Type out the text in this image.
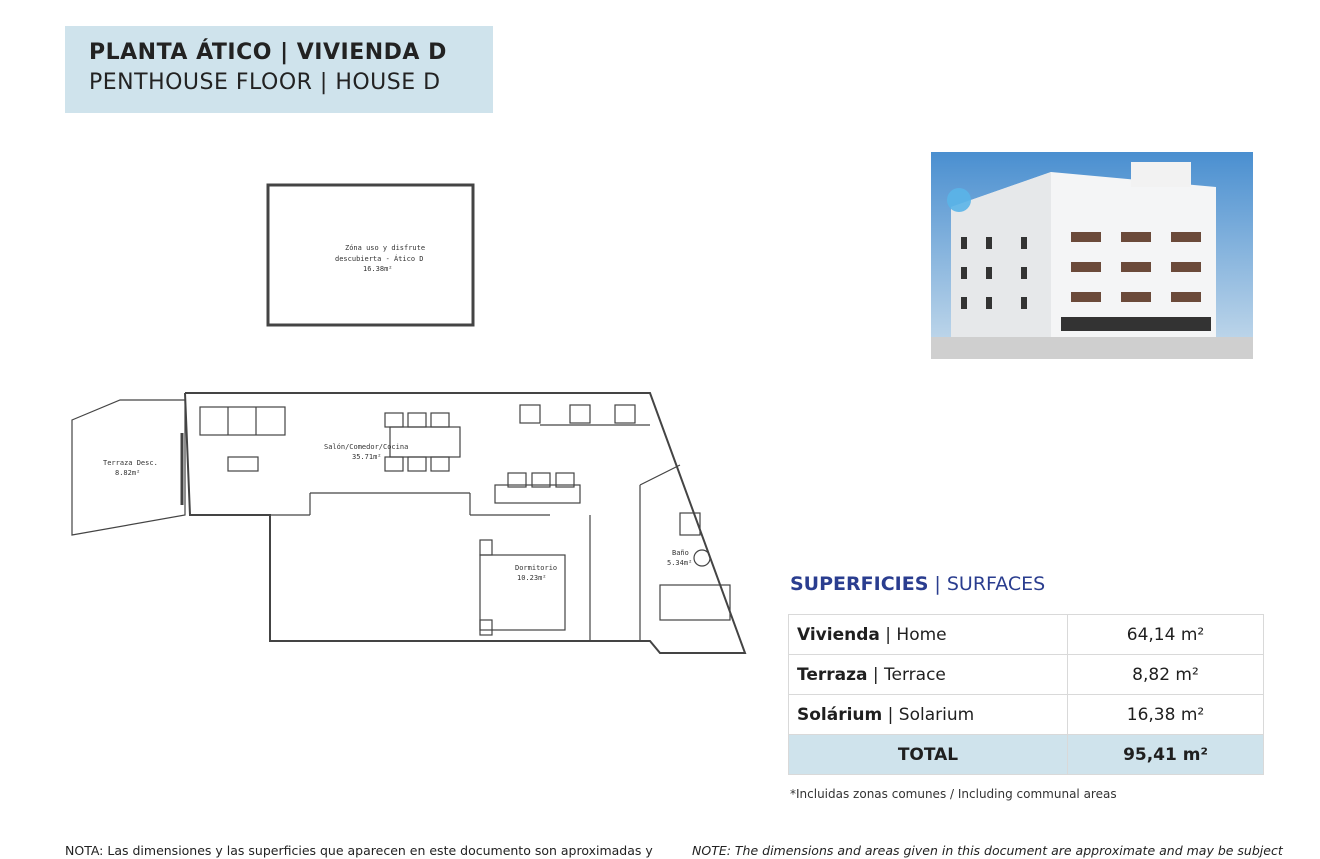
PLANTA ÁTICO | VIVIENDA D
PENTHOUSE FLOOR | HOUSE D
Zóna uso y disfrute
descubierta - Ático D
16.38m²
Salón/Comedor/Cocina
35.71m²
Terraza Desc.
8.82m²
Dormitorio
10.23m²
Baño
5.34m²
SUPERFICIES | SURFACES
Vivienda | Home	64,14 m²
Terraza | Terrace	8,82 m²
Solárium | Solarium	16,38 m²
TOTAL	95,41 m²
*Incluidas zonas comunes / Including communal areas
NOTA: Las dimensiones y las superficies que aparecen en este documento son aproximadas y	NOTE: The dimensions and areas given in this document are approximate and may be subject
